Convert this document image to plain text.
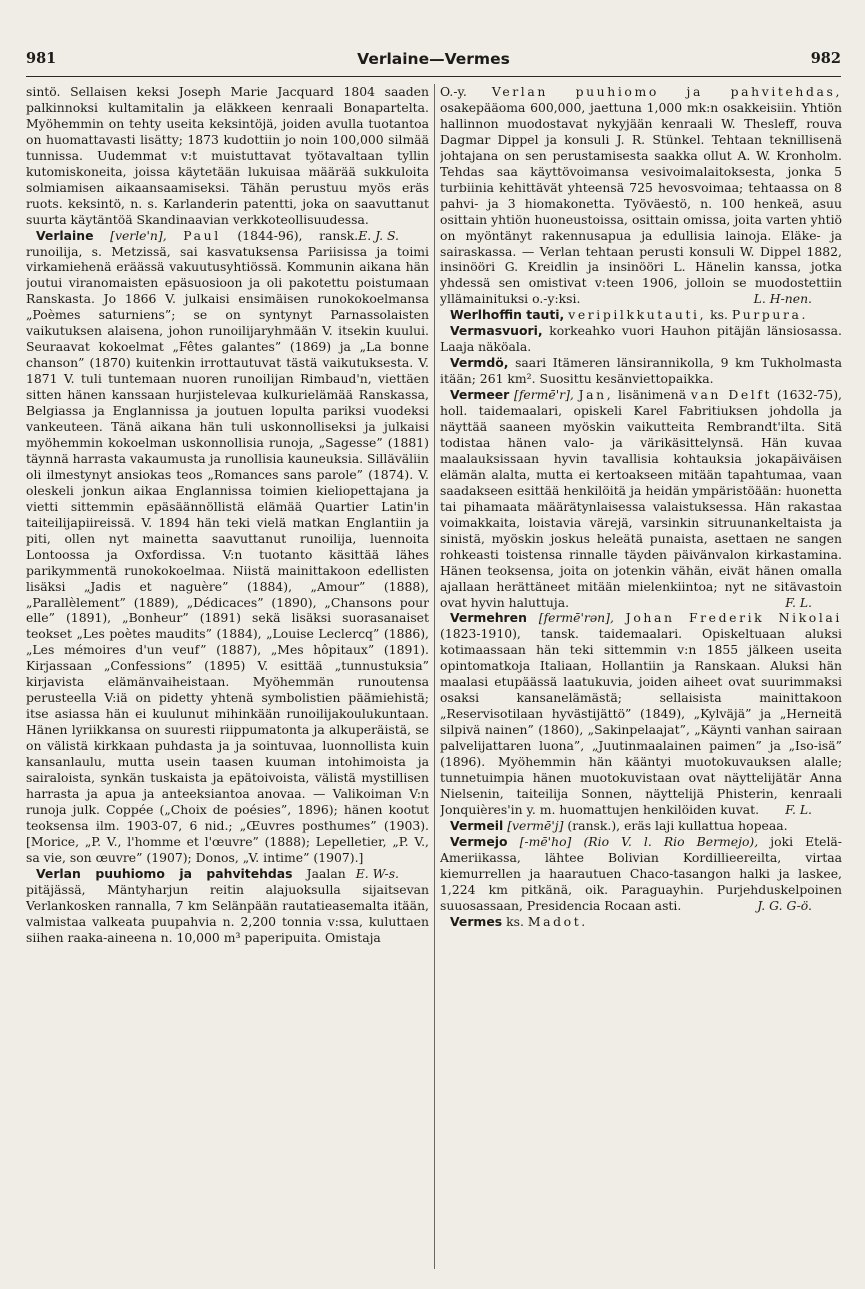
981	Verlaine—Vermes	982

sintö. Sellaisen keksi Joseph Marie Jacquard 1804 saaden palkinnoksi kultamitalin ja eläkkeen kenraali Bonapartelta. Myöhemmin on tehty useita keksintöjä, joiden avulla tuotantoa on huomattavasti lisätty; 1873 kudottiin jo noin 100,000 silmää tunnissa. Uudemmat v:t muistuttavat työtavaltaan tyllin kutomiskoneita, joissa käytetään lukuisaa määrää sukkuloita solmiamisen aikaansaamiseksi. Tähän perustuu myös eräs ruots. keksintö, n. s. Karlanderin patentti, joka on saavuttanut suurta käytäntöä Skandinaavian verkkoteollisuudessa.
E. J. S.

Verlaine [verle'n], Paul (1844-96), ransk. runoilija, s. Metzissä, sai kasvatuksensa Pariisissa ja toimi virkamiehenä eräässä vakuutusyhtiössä. Kommunin aikana hän joutui viranomaisten epäsuosioon ja oli pakotettu poistumaan Ranskasta. Jo 1866 V. julkaisi ensimäisen runokokoelmansa „Poèmes saturniens”; se on syntynyt Parnassolaisten vaikutuksen alaisena, johon runoilijaryhmään V. itsekin kuului. Seuraavat kokoelmat „Fêtes galantes” (1869) ja „La bonne chanson” (1870) kuitenkin irrottautuvat tästä vaikutuksesta. V. 1871 V. tuli tuntemaan nuoren runoilijan Rimbaud'n, viettäen sitten hänen kanssaan hurjistelevaa kulkurielämää Ranskassa, Belgiassa ja Englannissa ja joutuen lopulta pariksi vuodeksi vankeuteen. Tänä aikana hän tuli uskonnolliseksi ja julkaisi myöhemmin kokoelman uskonnollisia runoja, „Sagesse” (1881) täynnä harrasta vakaumusta ja runollisia kauneuksia. Silläväliin oli ilmestynyt ansiokas teos „Romances sans parole” (1874). V. oleskeli jonkun aikaa Englannissa toimien kieliopettajana ja vietti sittemmin epäsäännöllistä elämää Quartier Latin'in taiteilijapiireissä. V. 1894 hän teki vielä matkan Englantiin ja piti, ollen nyt mainetta saavuttanut runoilija, luennoita Lontoossa ja Oxfordissa. V:n tuotanto käsittää lähes parikymmentä runokokoelmaa. Niistä mainittakoon edellisten lisäksi „Jadis et naguère” (1884), „Amour” (1888), „Parallèlement” (1889), „Dédicaces” (1890), „Chansons pour elle” (1891), „Bonheur” (1891) sekä lisäksi suorasanaiset teokset „Les poètes maudits” (1884), „Louise Leclercq” (1886), „Les mémoires d'un veuf” (1887), „Mes hôpitaux” (1891). Kirjassaan „Confessions” (1895) V. esittää „tunnustuksia” kirjavista elämänvaiheistaan. Myöhemmän runoutensa perusteella V:iä on pidetty yhtenä symbolistien päämiehistä; itse asiassa hän ei kuulunut mihinkään runoilijakoulukuntaan. Hänen lyriikkansa on suuresti riippumatonta ja alkuperäistä, se on välistä kirkkaan puhdasta ja ja sointuvaa, luonnollista kuin kansanlaulu, mutta usein taasen kuuman intohimoista ja sairaloista, synkän tuskaista ja epätoivoista, välistä mystillisen harrasta ja apua ja anteeksiantoa anovaa. — Valikoiman V:n runoja julk. Coppée („Choix de poésies”, 1896); hänen kootut teoksensa ilm. 1903-07, 6 nid.; „Œuvres posthumes” (1903). [Morice, „P. V., l'homme et l'œuvre” (1888); Lepelletier, „P. V., sa vie, son œuvre” (1907); Donos, „V. intime” (1907).]
E. W-s.

Verlan puuhiomo ja pahvitehdas Jaalan pitäjässä, Mäntyharjun reitin alajuoksulla sijaitsevan Verlankosken rannalla, 7 km Selänpään rautatieasemalta itään, valmistaa valkeata puupahvia n. 2,200 tonnia v:ssa, kuluttaen siihen raaka-aineena n. 10,000 m³ paperipuita. Omistaja

O.-y. Verlan puuhiomo ja pahvitehdas, osakepääoma 600,000, jaettuna 1,000 mk:n osakkeisiin. Yhtiön hallinnon muodostavat nykyjään kenraali W. Thesleff, rouva Dagmar Dippel ja konsuli J. R. Stünkel. Tehtaan teknillisenä johtajana on sen perustamisesta saakka ollut A. W. Kronholm. Tehdas saa käyttövoimansa vesivoimalaitoksesta, jonka 5 turbiinia kehittävät yhteensä 725 hevosvoimaa; tehtaassa on 8 pahvi- ja 3 hiomakonetta. Työväestö, n. 100 henkeä, asuu osittain yhtiön huoneustoissa, osittain omissa, joita varten yhtiö on myöntänyt rakennusapua ja edullisia lainoja. Eläke- ja sairaskassa. — Verlan tehtaan perusti konsuli W. Dippel 1882, insinööri G. Kreidlin ja insinööri L. Hänelin kanssa, jotka yhdessä sen omistivat v:teen 1906, jolloin se muodostettiin yllämainituksi o.-y:ksi.	L. H-nen.

Werlhoffin tauti, veripilkkutauti, ks. Purpura.

Vermasvuori, korkeahko vuori Hauhon pitäjän länsiosassa. Laaja näköala.

Vermdö, saari Itämeren länsirannikolla, 9 km Tukholmasta itään; 261 km². Suosittu kesänviettopaikka.

Vermeer [fermē'r], Jan, lisänimenä van Delft (1632-75), holl. taidemaalari, opiskeli Karel Fabritiuksen johdolla ja näyttää saaneen myöskin vaikutteita Rembrandt'ilta. Sitä todistaa hänen valo- ja värikäsittelynsä. Hän kuvaa maalauksissaan hyvin tavallisia kohtauksia jokapäiväisen elämän alalta, mutta ei kertoakseen mitään tapahtumaa, vaan saadakseen esittää henkilöitä ja heidän ympäristöään: huonetta tai pihamaata määrätynlaisessa valaistuksessa. Hän rakastaa voimakkaita, loistavia värejä, varsinkin sitruunankeltaista ja sinistä, myöskin joskus heleätä punaista, asettaen ne sangen rohkeasti toistensa rinnalle täyden päivänvalon kirkastamina. Hänen teoksensa, joita on jotenkin vähän, eivät hänen omalla ajallaan herättäneet mitään mielenkiintoa; nyt ne sitävastoin ovat hyvin haluttuja.	F. L.

Vermehren [fermē'rən], Johan Frederik Nikolai (1823-1910), tansk. taidemaalari. Opiskeltuaan aluksi kotimaassaan hän teki sittemmin v:n 1855 jälkeen useita opintomatkoja Italiaan, Hollantiin ja Ranskaan. Aluksi hän maalasi etupäässä laatukuvia, joiden aiheet ovat suurimmaksi osaksi kansanelämästä; sellaisista mainittakoon „Reservisotilaan hyvästijättö” (1849), „Kylväjä” ja „Herneitä silpivä nainen” (1860), „Sakinpelaajat”, „Käynti vanhan sairaan palvelijattaren luona”, „Juutinmaalainen paimen” ja „Iso-isä” (1896). Myöhemmin hän kääntyi muotokuvauksen alalle; tunnetuimpia hänen muotokuvistaan ovat näyttelijätär Anna Nielsenin, taiteilija Sonnen, näyttelijä Phisterin, kenraali Jonquières'in y. m. huomattujen henkilöiden kuvat.	F. L.

Vermeil [vermē'j] (ransk.), eräs laji kullattua hopeaa.

Vermejo [-mē'ho] (Rio V. l. Rio Bermejo), joki Etelä-Ameriikassa, lähtee Bolivian Kordillieereilta, virtaa kiemurrellen ja haarautuen Chaco-tasangon halki ja laskee, 1,224 km pitkänä, oik. Paraguayhin. Purjehduskelpoinen suuosassaan, Presidencia Rocaan asti.	J. G. G-ö.

Vermes ks. Madot.
